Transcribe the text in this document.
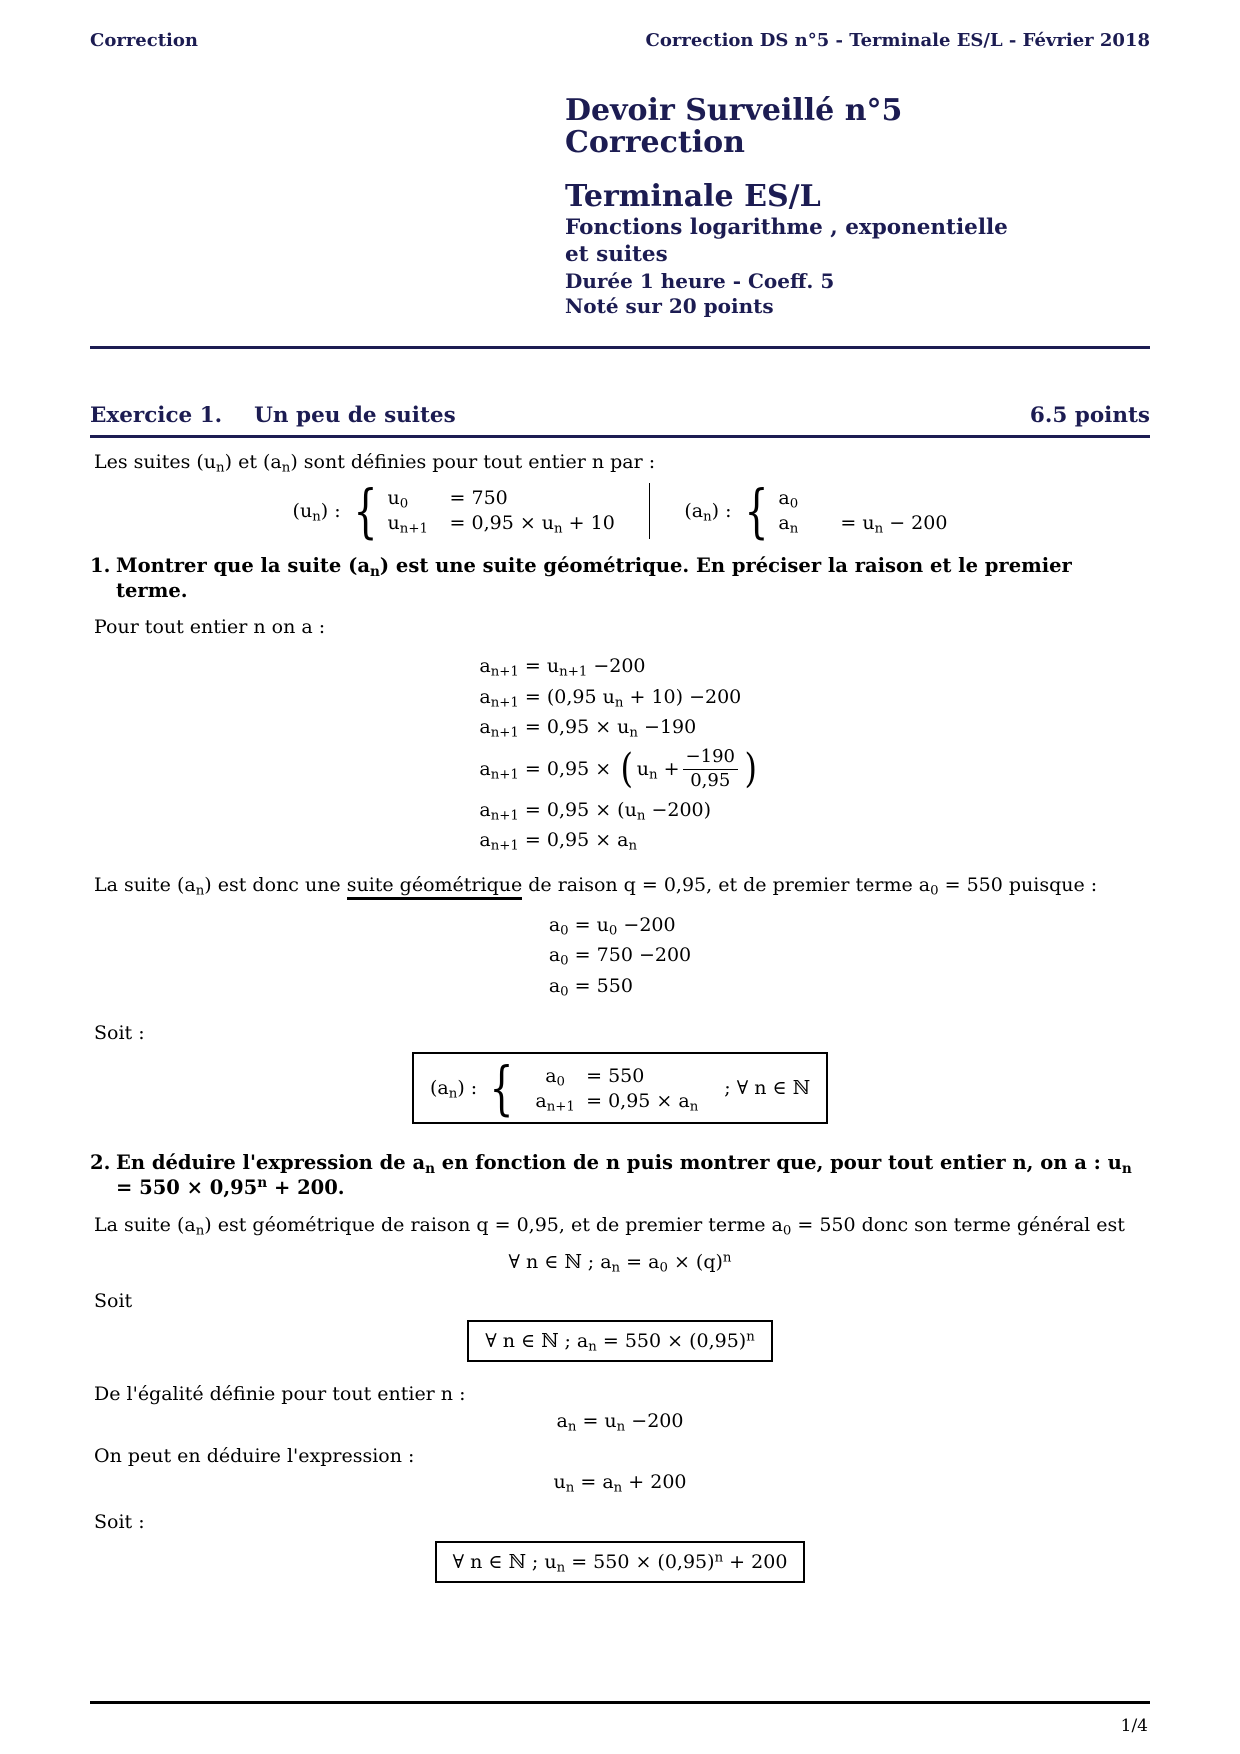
Correction	Correction DS n°5 - Terminale ES/L - Février 2018
Devoir Surveillé n°5
Correction
Terminale ES/L
Fonctions logarithme , exponentielle et suites
Durée 1 heure - Coeff. 5
Noté sur 20 points
Exercice 1. Un peu de suites	6.5 points

Les suites $(u_n)$ et $(a_n)$ sont définies pour tout entier n par :

$(u_n)$ : { $u_0$	= 750
$u_{n+1}$	= $0,95 \times u_n + 10$
$(a_n)$ : { $a_0$
$a_n$	= $u_n - 200$
1. Montrer que la suite $(a_n)$ est une suite géométrique. En préciser la raison et le premier terme.

Pour tout entier n on a :

$a_{n+1} = u_{n+1} -200$
$a_{n+1} = (0,95$ $u_n + 10) -200$
$a_{n+1} = 0,95 \times u_n -190$
$a_{n+1} = 0,95$ × ( $u_n + \frac{-190}{0,95}$ )
$a_{n+1} = 0,95 \times (u_n -200)$
$a_{n+1} = 0,95 \times a_n$

La suite $(a_n)$ est donc une suite géométrique de raison q = 0,95, et de premier terme $a_0 = 550$ puisque :

$a_0 = u_0 -200$
$a_0 = 750 -200$
$a_0 = 550$

Soit :

$(a_n)$ : {	$a_0$	= 550
$a_{n+1} = 0,95 \times a_n$
; ∀ n ∈ ℕ
2. En déduire l'expression de $a_n$ en fonction de n puis montrer que, pour tout entier n, on a : $u_n = 550 \times 0,95^n + 200$.

La suite $(a_n)$ est géométrique de raison q = 0,95, et de premier terme $a_0 = 550$ donc son terme général est

∀ n ∈ ℕ ; $a_n = a_0 \times (q)^n$

Soit

∀ n ∈ ℕ ; $a_n = 550 \times (0,95)^n$

De l'égalité définie pour tout entier n :

$a_n = u_n -200$

On peut en déduire l'expression :

$u_n = a_n + 200$

Soit :

∀ n ∈ ℕ ; $u_n = 550 \times (0,95)^n + 200$
1/4
